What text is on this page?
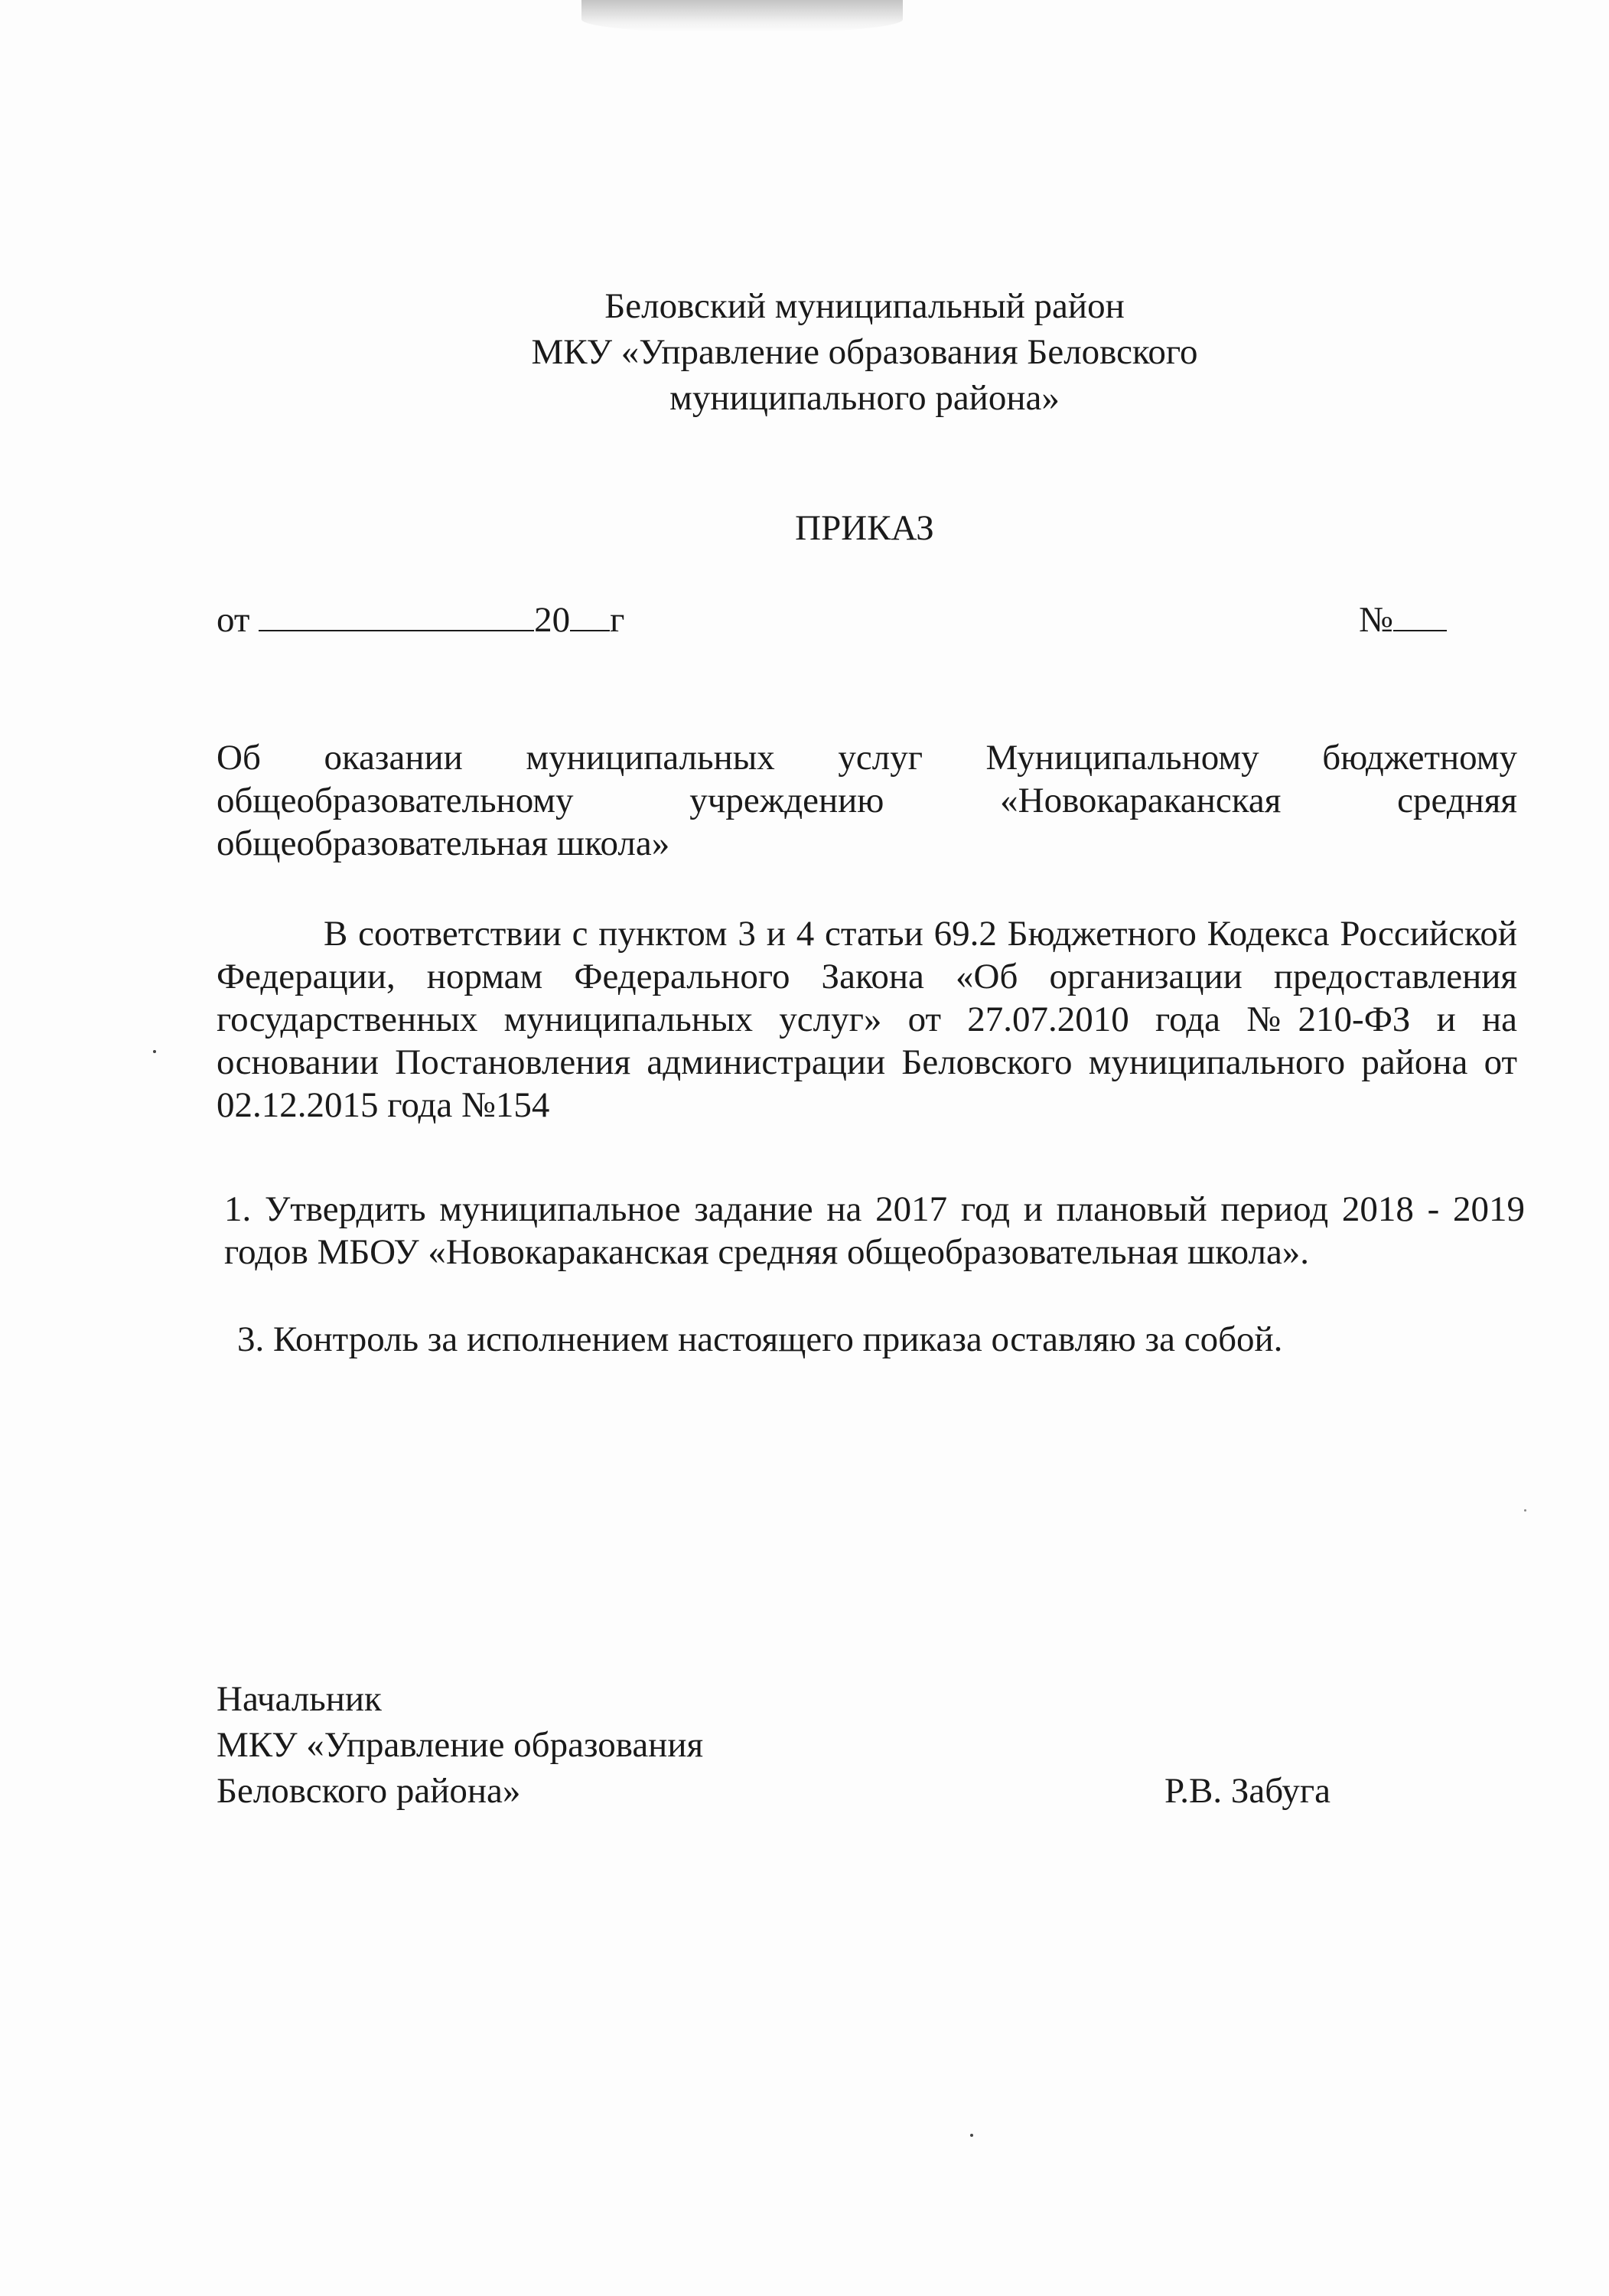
Беловский муниципальный район
МКУ «Управление образования Беловского
муниципального района»
ПРИКАЗ
от	20 г	№
Об оказании муниципальных услуг Муниципальному бюджетному общеобразовательному учреждению «Новокараканская средняя общеобразовательная школа»
В соответствии с пунктом 3 и 4 статьи 69.2 Бюджетного Кодекса Российской Федерации, нормам Федерального Закона «Об организации предоставления государственных муниципальных услуг» от 27.07.2010 года №210-ФЗ и на основании Постановления администрации Беловского муниципального района от 02.12.2015 года №154
1. Утвердить муниципальное задание на 2017 год и плановый период 2018 - 2019 годов МБОУ «Новокараканская средняя общеобразовательная школа».
3. Контроль за исполнением настоящего приказа оставляю за собой.
Начальник
МКУ «Управление образования
Беловского района»	Р.В. Забуга
